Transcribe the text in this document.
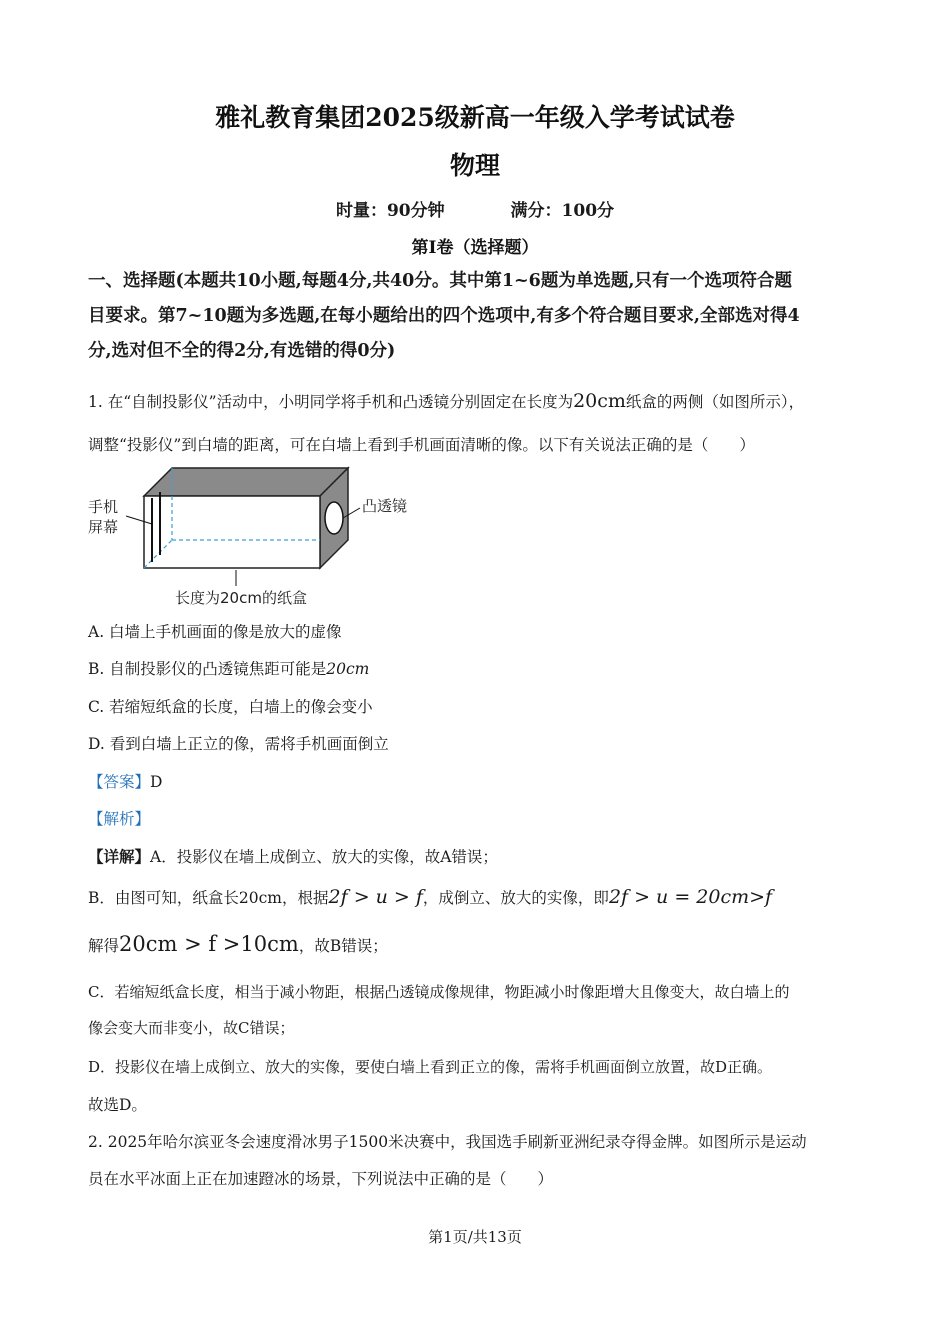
雅礼教育集团2025级新高一年级入学考试试卷
物理
时量：90分钟	满分：100分
第I卷（选择题）
一、选择题(本题共10小题,每题4分,共40分。其中第1~6题为单选题,只有一个选项符合题
目要求。第7~10题为多选题,在每小题给出的四个选项中,有多个符合题目要求,全部选对得4
分,选对但不全的得2分,有选错的得0分)
1. 在“自制投影仪”活动中，小明同学将手机和凸透镜分别固定在长度为20cm纸盒的两侧（如图所示），
调整“投影仪”到白墙的距离，可在白墙上看到手机画面清晰的像。以下有关说法正确的是（　　）
手机
屏幕
凸透镜
长度为20cm的纸盒
A. 白墙上手机画面的像是放大的虚像
B. 自制投影仪的凸透镜焦距可能是20cm
C. 若缩短纸盒的长度，白墙上的像会变小
D. 看到白墙上正立的像，需将手机画面倒立
【答案】D
【解析】
【详解】A．投影仪在墙上成倒立、放大的实像，故A错误；
B．由图可知，纸盒长20cm，根据2f > u > f，成倒立、放大的实像，即2f > u = 20cm>f
解得20cm > f >10cm，故B错误；
C．若缩短纸盒长度，相当于减小物距，根据凸透镜成像规律，物距减小时像距增大且像变大，故白墙上的
像会变大而非变小，故C错误；
D．投影仪在墙上成倒立、放大的实像，要使白墙上看到正立的像，需将手机画面倒立放置，故D正确。
故选D。
2. 2025年哈尔滨亚冬会速度滑冰男子1500米决赛中，我国选手刷新亚洲纪录夺得金牌。如图所示是运动
员在水平冰面上正在加速蹬冰的场景，下列说法中正确的是（　　）
第1页/共13页
